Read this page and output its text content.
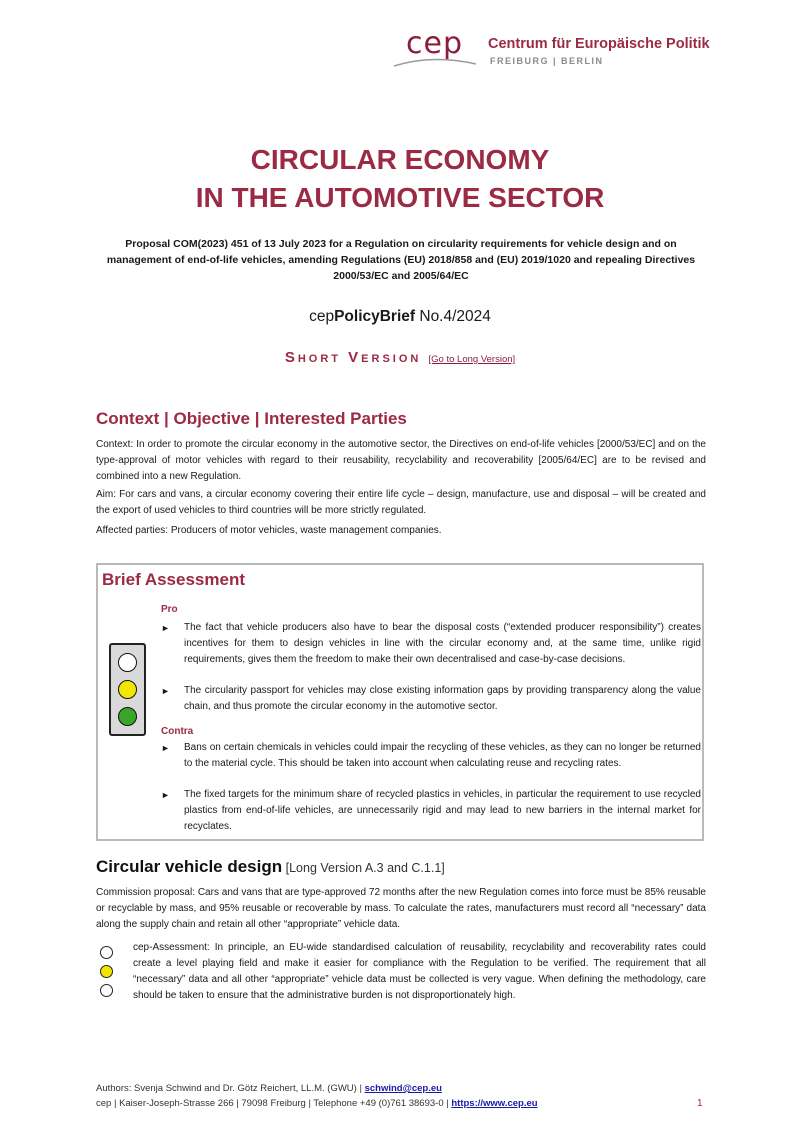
cep Centrum für Europäische Politik
FREIBURG | BERLIN
CIRCULAR ECONOMY
IN THE AUTOMOTIVE SECTOR
Proposal COM(2023) 451 of 13 July 2023 for a Regulation on circularity requirements for vehicle design and on management of end-of-life vehicles, amending Regulations (EU) 2018/858 and (EU) 2019/1020 and repealing Directives 2000/53/EC and 2005/64/EC
cepPolicyBrief No.4/2024
Short Version [Go to Long Version]
Context | Objective | Interested Parties
Context: In order to promote the circular economy in the automotive sector, the Directives on end-of-life vehicles [2000/53/EC] and on the type-approval of motor vehicles with regard to their reusability, recyclability and recoverability [2005/64/EC] are to be revised and combined into a new Regulation.
Aim: For cars and vans, a circular economy covering their entire life cycle – design, manufacture, use and disposal – will be created and the export of used vehicles to third countries will be more strictly regulated.
Affected parties: Producers of motor vehicles, waste management companies.
Brief Assessment
Pro
► The fact that vehicle producers also have to bear the disposal costs (“extended producer responsibility”) creates incentives for them to design vehicles in line with the circular economy and, at the same time, unlike rigid requirements, gives them the freedom to make their own decentralised and case-by-case decisions.
► The circularity passport for vehicles may close existing information gaps by providing transparency along the value chain, and thus promote the circular economy in the automotive sector.
Contra
► Bans on certain chemicals in vehicles could impair the recycling of these vehicles, as they can no longer be returned to the material cycle. This should be taken into account when calculating reuse and recycling rates.
► The fixed targets for the minimum share of recycled plastics in vehicles, in particular the requirement to use recycled plastics from end-of-life vehicles, are unnecessarily rigid and may lead to new barriers in the internal market for recyclates.
Circular vehicle design [Long Version A.3 and C.1.1]
Commission proposal: Cars and vans that are type-approved 72 months after the new Regulation comes into force must be 85% reusable or recyclable by mass, and 95% reusable or recoverable by mass. To calculate the rates, manufacturers must record all “necessary” data along the supply chain and retain all other “appropriate” vehicle data.
cep-Assessment: In principle, an EU-wide standardised calculation of reusability, recyclability and recoverability rates could create a level playing field and make it easier for compliance with the Regulation to be verified. The requirement that all “necessary” data and all other “appropriate” vehicle data must be collected is very vague. When defining the methodology, care should be taken to ensure that the administrative burden is not disproportionately high.
Authors: Svenja Schwind and Dr. Götz Reichert, LL.M. (GWU) | schwind@cep.eu
cep | Kaiser-Joseph-Strasse 266 | 79098 Freiburg | Telephone +49 (0)761 38693-0 | https://www.cep.eu	1
